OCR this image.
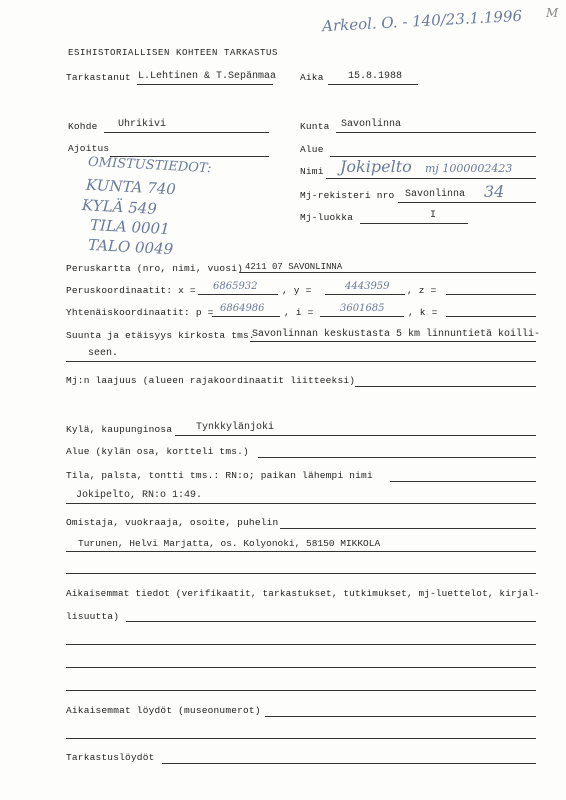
Arkeol. O. - 140/23.1.1996 M
ESIHISTORIALLISEN KOHTEEN TARKASTUS
Tarkastanut L.Lehtinen & T.Sepänmaa	Aika 15.8.1988
Kohde Uhrikivi	Kunta Savonlinna
Ajoitus	Alue
Nimi Jokipelto mj 1000002423
OMISTUSTIEDOT:
KUNTA 740
KYLÄ 549
TILA 0001
TALO 0049
Mj-rekisteri nro Savonlinna 34
Mj-luokka	I
Peruskartta (nro, nimi, vuosi) 4211 07 SAVONLINNA
Peruskoordinaatit: x = 6865932	, y =	4443959 , z =
Yhtenäiskoordinaatit: p = 6864986 , i =	3601685 , k =
Suunta ja etäisyys kirkosta tms.
Savonlinnan keskustasta 5 km linnuntietä koilli-
seen.
Mj:n laajuus (alueen rajakoordinaatit liitteeksi)
Kylä, kaupunginosa Tynkkylänjoki
Alue (kylän osa, kortteli tms.)
Tila, palsta, tontti tms.: RN:o; paikan lähempi nimi
Jokipelto, RN:o 1:49.
Omistaja, vuokraaja, osoite, puhelin
Turunen, Helvi Marjatta, os. Kolyonoki, 58150 MIKKOLA
Aikaisemmat tiedot (verifikaatit, tarkastukset, tutkimukset, mj-luettelot, kirjal-
lisuutta)
Aikaisemmat löydöt (museonumerot)
Tarkastuslöydöt
